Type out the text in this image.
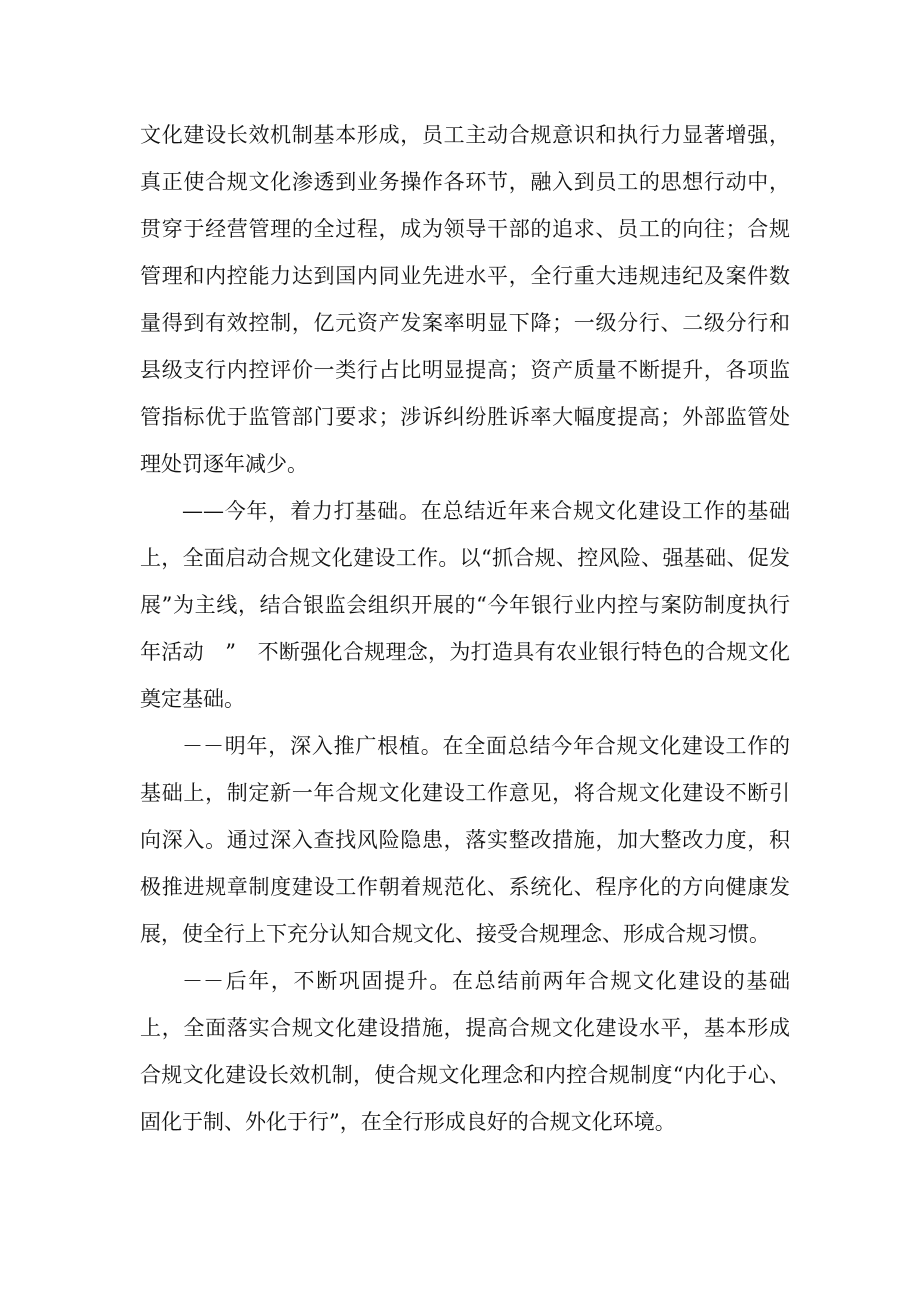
文化建设长效机制基本形成，员工主动合规意识和执行力显著增强，真正使合规文化渗透到业务操作各环节，融入到员工的思想行动中，贯穿于经营管理的全过程，成为领导干部的追求、员工的向往；合规管理和内控能力达到国内同业先进水平，全行重大违规违纪及案件数量得到有效控制，亿元资产发案率明显下降；一级分行、二级分行和县级支行内控评价一类行占比明显提高；资产质量不断提升，各项监管指标优于监管部门要求；涉诉纠纷胜诉率大幅度提高；外部监管处理处罚逐年减少。

——今年，着力打基础。在总结近年来合规文化建设工作的基础上，全面启动合规文化建设工作。以“抓合规、控风险、强基础、促发展”为主线，结合银监会组织开展的“今年银行业内控与案防制度执行年活动　”　不断强化合规理念，为打造具有农业银行特色的合规文化奠定基础。

－－明年，深入推广根植。在全面总结今年合规文化建设工作的基础上，制定新一年合规文化建设工作意见，将合规文化建设不断引向深入。通过深入查找风险隐患，落实整改措施，加大整改力度，积极推进规章制度建设工作朝着规范化、系统化、程序化的方向健康发展，使全行上下充分认知合规文化、接受合规理念、形成合规习惯。

－－后年，不断巩固提升。在总结前两年合规文化建设的基础上，全面落实合规文化建设措施，提高合规文化建设水平，基本形成合规文化建设长效机制，使合规文化理念和内控合规制度“内化于心、固化于制、外化于行”，在全行形成良好的合规文化环境。
